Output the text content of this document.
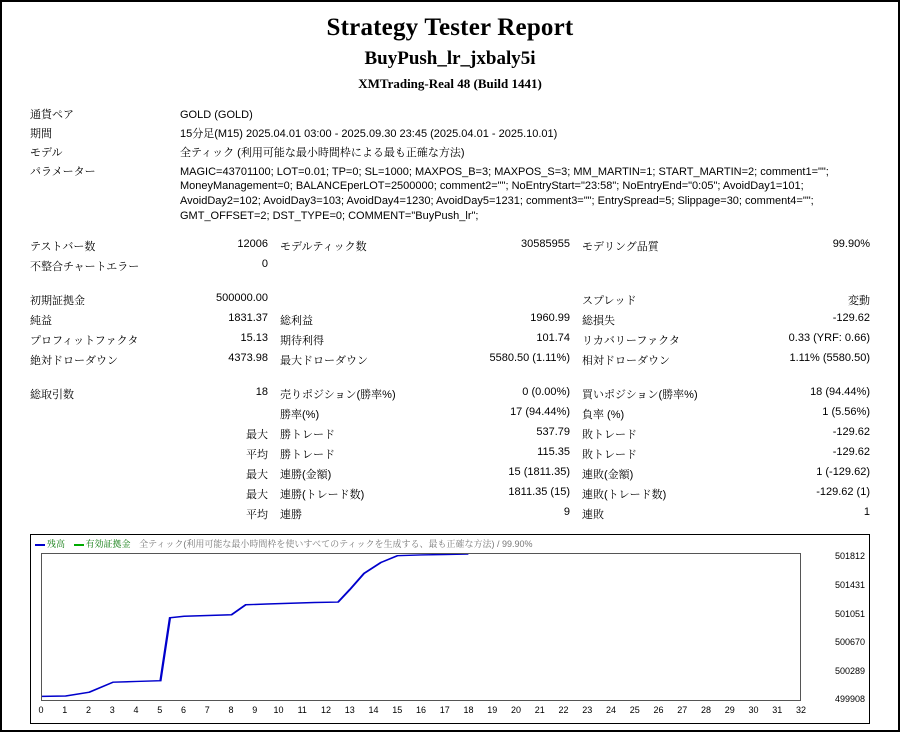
Strategy Tester Report
BuyPush_lr_jxbaly5i
XMTrading-Real 48 (Build 1441)
通貨ペア	GOLD (GOLD)
期間	15分足(M15) 2025.04.01 03:00 - 2025.09.30 23:45 (2025.04.01 - 2025.10.01)
モデル	全ティック (利用可能な最小時間枠による最も正確な方法)
パラメーター	MAGIC=43701100; LOT=0.01; TP=0; SL=1000; MAXPOS_B=3; MAXPOS_S=3; MM_MARTIN=1; START_MARTIN=2; comment1=""; MoneyManagement=0; BALANCEperLOT=2500000; comment2=""; NoEntryStart="23:58"; NoEntryEnd="0:05"; AvoidDay1=101; AvoidDay2=102; AvoidDay3=103; AvoidDay4=1230; AvoidDay5=1231; comment3=""; EntrySpread=5; Slippage=30; comment4=""; GMT_OFFSET=2; DST_TYPE=0; COMMENT="BuyPush_lr";
テストバー数	12006	モデルティック数	30585955	モデリング品質	99.90%
不整合チャートエラー	0				

初期証拠金	500000.00			スプレッド	変動
純益	1831.37	総利益	1960.99	総損失	-129.62
プロフィットファクタ	15.13	期待利得	101.74	リカバリーファクタ	0.33 (YRF: 0.66)
絶対ドローダウン	4373.98	最大ドローダウン	5580.50 (1.11%)	相対ドローダウン	1.11% (5580.50)

総取引数	18	売りポジション(勝率%)	0 (0.00%)	買いポジション(勝率%)	18 (94.44%)
		勝率(%)	17 (94.44%)	負率 (%)	1 (5.56%)
	最大	勝トレード	537.79	敗トレード	-129.62
	平均	勝トレード	115.35	敗トレード	-129.62
	最大	連勝(金額)	15 (1811.35)	連敗(金額)	1 (-129.62)
	最大	連勝(トレード数)	1811.35 (15)	連敗(トレード数)	-129.62 (1)
	平均	連勝	9	連敗	1
残高 有効証拠金 全ティック(利用可能な最小時間枠を使いすべてのティックを生成する、最も正確な方法) / 99.90%
501812
501431
501051
500670
500289
499908
0 1 2 3 4 5 6 7 8 9 10 11 12 13 14 15 16 17 18 19 20 21 22 23 24 25 26 27 28 29 30 31 32
